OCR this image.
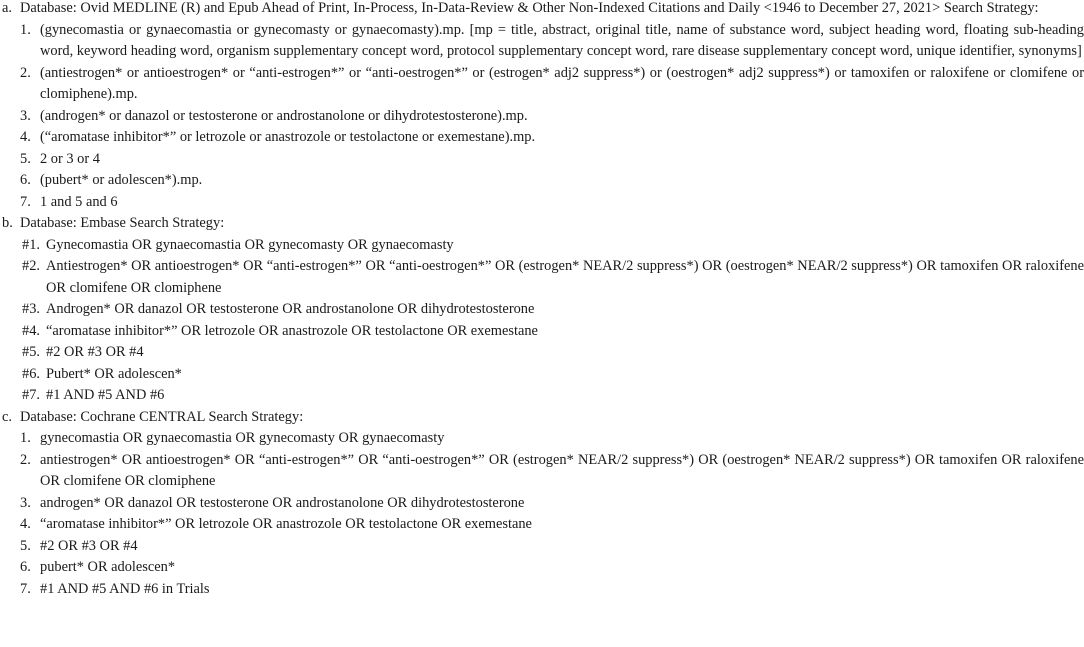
a. Database: Ovid MEDLINE (R) and Epub Ahead of Print, In-Process, In-Data-Review & Other Non-Indexed Citations and Daily <1946 to December 27, 2021> Search Strategy:
1. (gynecomastia or gynaecomastia or gynecomasty or gynaecomasty).mp. [mp = title, abstract, original title, name of substance word, subject heading word, floating sub-heading word, keyword heading word, organism supplementary concept word, protocol supplementary concept word, rare disease supplementary concept word, unique identifier, synonyms]
2. (antiestrogen* or antioestrogen* or “anti-estrogen*” or “anti-oestrogen*” or (estrogen* adj2 suppress*) or (oestrogen* adj2 suppress*) or tamoxifen or raloxifene or clomifene or clomiphene).mp.
3. (androgen* or danazol or testosterone or androstanolone or dihydrotestosterone).mp.
4. (“aromatase inhibitor*” or letrozole or anastrozole or testolactone or exemestane).mp.
5. 2 or 3 or 4
6. (pubert* or adolescen*).mp.
7. 1 and 5 and 6
b. Database: Embase Search Strategy:
#1. Gynecomastia OR gynaecomastia OR gynecomasty OR gynaecomasty
#2. Antiestrogen* OR antioestrogen* OR “anti-estrogen*” OR “anti-oestrogen*” OR (estrogen* NEAR/2 suppress*) OR (oestrogen* NEAR/2 suppress*) OR tamoxifen OR raloxifene OR clomifene OR clomiphene
#3. Androgen* OR danazol OR testosterone OR androstanolone OR dihydrotestosterone
#4. “aromatase inhibitor*” OR letrozole OR anastrozole OR testolactone OR exemestane
#5. #2 OR #3 OR #4
#6. Pubert* OR adolescen*
#7. #1 AND #5 AND #6
c. Database: Cochrane CENTRAL Search Strategy:
1. gynecomastia OR gynaecomastia OR gynecomasty OR gynaecomasty
2. antiestrogen* OR antioestrogen* OR “anti-estrogen*” OR “anti-oestrogen*” OR (estrogen* NEAR/2 suppress*) OR (oestrogen* NEAR/2 suppress*) OR tamoxifen OR raloxifene OR clomifene OR clomiphene
3. androgen* OR danazol OR testosterone OR androstanolone OR dihydrotestosterone
4. “aromatase inhibitor*” OR letrozole OR anastrozole OR testolactone OR exemestane
5. #2 OR #3 OR #4
6. pubert* OR adolescen*
7. #1 AND #5 AND #6 in Trials
